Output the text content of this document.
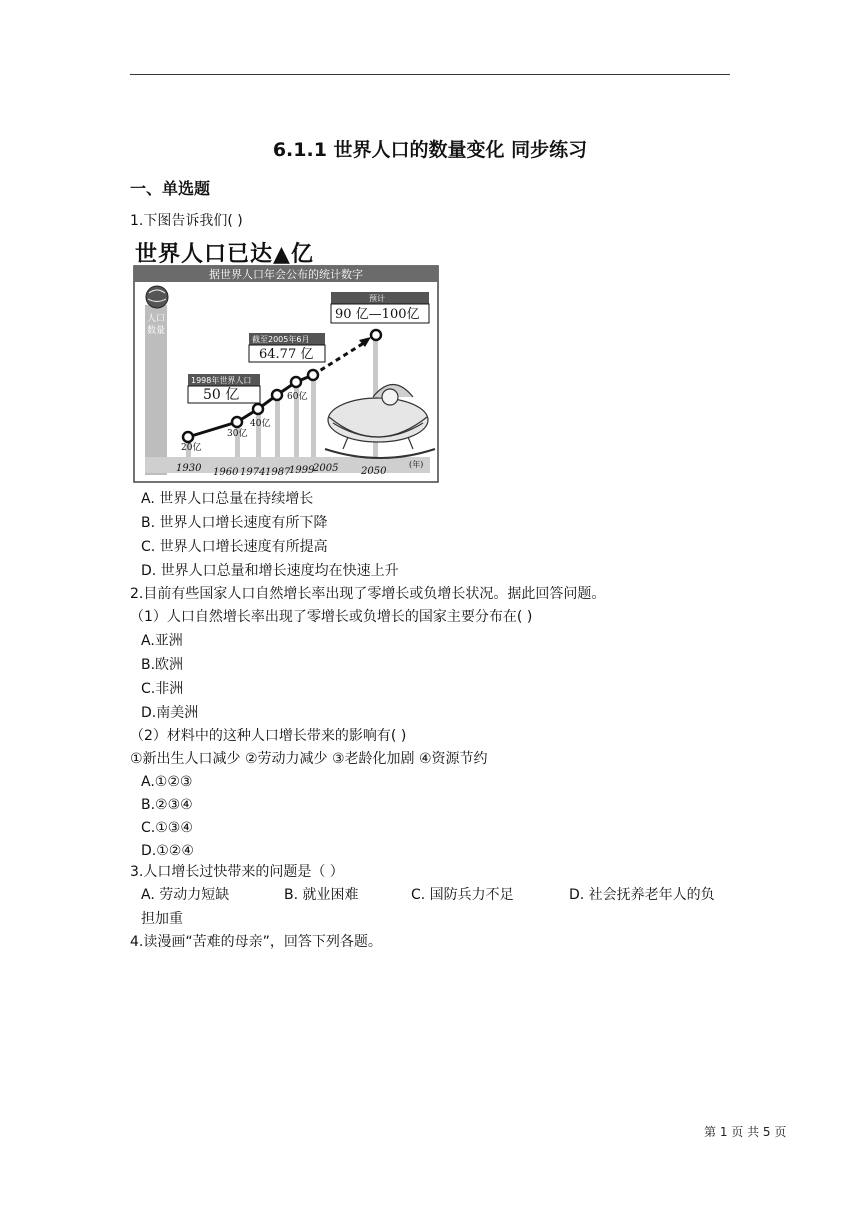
6.1.1 世界人口的数量变化 同步练习
一、单选题
1.下图告诉我们( )
据世界人口年会公布的统计数字
人口
数量
20亿
30亿
40亿
60亿
1930 1960 1974 1987
1999
2005 2050
(年)
1998年世界人口
50 亿
截至2005年6月
64.77 亿
预计
90 亿—100亿
世界人口已达▲亿
A. 世界人口总量在持续增长
B. 世界人口增长速度有所下降
C. 世界人口增长速度有所提高
D. 世界人口总量和增长速度均在快速上升
2.目前有些国家人口自然增长率出现了零增长或负增长状况。据此回答问题。
（1）人口自然增长率出现了零增长或负增长的国家主要分布在( )
A.亚洲
B.欧洲
C.非洲
D.南美洲
（2）材料中的这种人口增长带来的影响有( )
①新出生人口减少 ②劳动力减少 ③老龄化加剧 ④资源节约
A.①②③
B.②③④
C.①③④
D.①②④
3.人口增长过快带来的问题是（ ）
A. 劳动力短缺	B. 就业困难	C. 国防兵力不足	D. 社会抚养老年人的负
担加重
4.读漫画“苦难的母亲”，回答下列各题。
第 1 页 共 5 页
